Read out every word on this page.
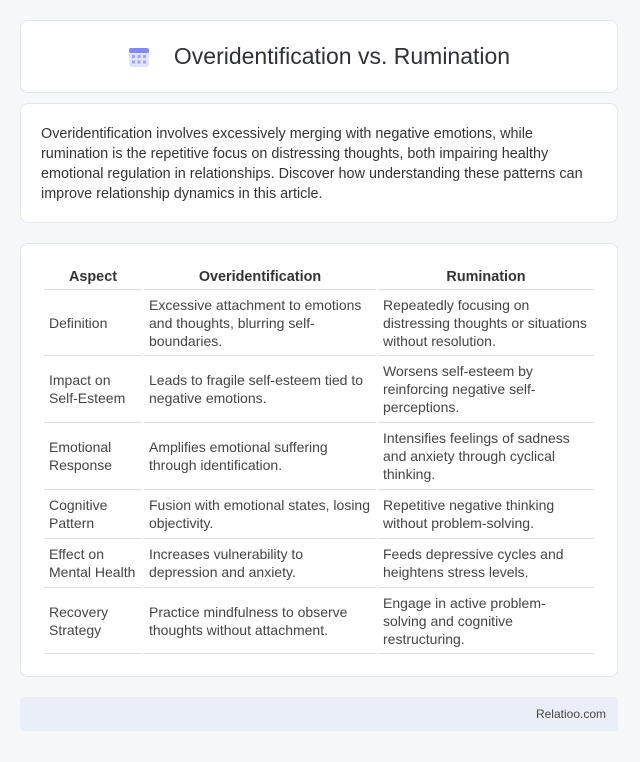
Overidentification vs. Rumination

Overidentification involves excessively merging with negative emotions, while rumination is the repetitive focus on distressing thoughts, both impairing healthy emotional regulation in relationships. Discover how understanding these patterns can improve relationship dynamics in this article.

Aspect	Overidentification	Rumination
Definition	Excessive attachment to emotions and thoughts, blurring self-boundaries.	Repeatedly focusing on distressing thoughts or situations without resolution.
Impact on Self-Esteem	Leads to fragile self-esteem tied to negative emotions.	Worsens self-esteem by reinforcing negative self-perceptions.
Emotional Response	Amplifies emotional suffering through identification.	Intensifies feelings of sadness and anxiety through cyclical thinking.
Cognitive Pattern	Fusion with emotional states, losing objectivity.	Repetitive negative thinking without problem-solving.
Effect on Mental Health	Increases vulnerability to depression and anxiety.	Feeds depressive cycles and heightens stress levels.
Recovery Strategy	Practice mindfulness to observe thoughts without attachment.	Engage in active problem-solving and cognitive restructuring.
Relatioo.com
